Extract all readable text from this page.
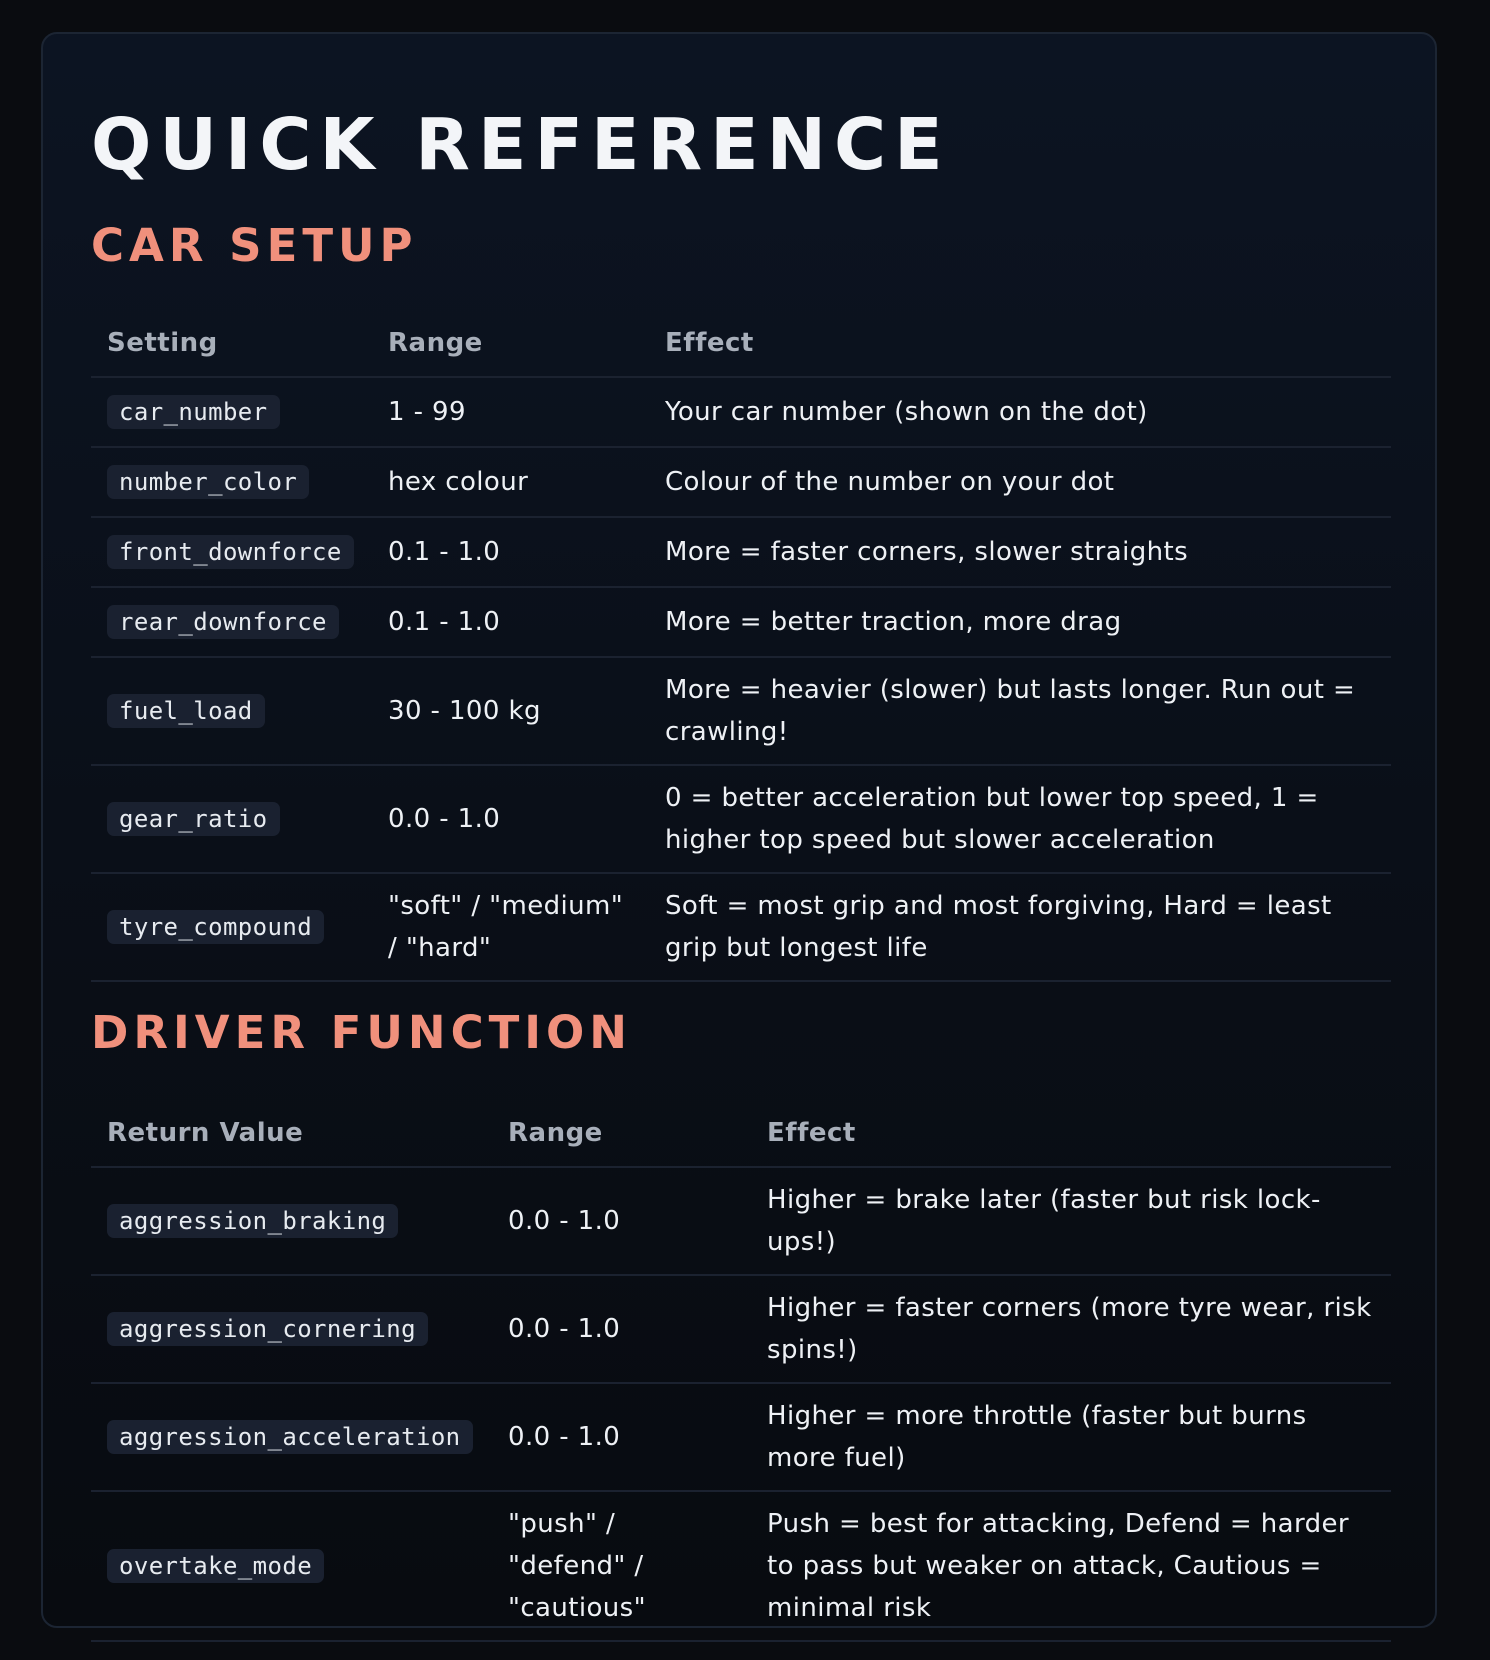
QUICK REFERENCE
CAR SETUP
Setting	Range	Effect
car_number	1 - 99	Your car number (shown on the dot)
number_color	hex colour	Colour of the number on your dot
front_downforce	0.1 - 1.0	More = faster corners, slower straights
rear_downforce	0.1 - 1.0	More = better traction, more drag
fuel_load	30 - 100 kg	More = heavier (slower) but lasts longer. Run out = crawling!
gear_ratio	0.0 - 1.0	0 = better acceleration but lower top speed, 1 = higher top speed but slower acceleration
tyre_compound	"soft" / "medium" / "hard"	Soft = most grip and most forgiving, Hard = least grip but longest life
DRIVER FUNCTION
Return Value	Range	Effect
aggression_braking	0.0 - 1.0	Higher = brake later (faster but risk lock-ups!)
aggression_cornering	0.0 - 1.0	Higher = faster corners (more tyre wear, risk spins!)
aggression_acceleration	0.0 - 1.0	Higher = more throttle (faster but burns more fuel)
overtake_mode	"push" / "defend" / "cautious"	Push = best for attacking, Defend = harder to pass but weaker on attack, Cautious = minimal risk
